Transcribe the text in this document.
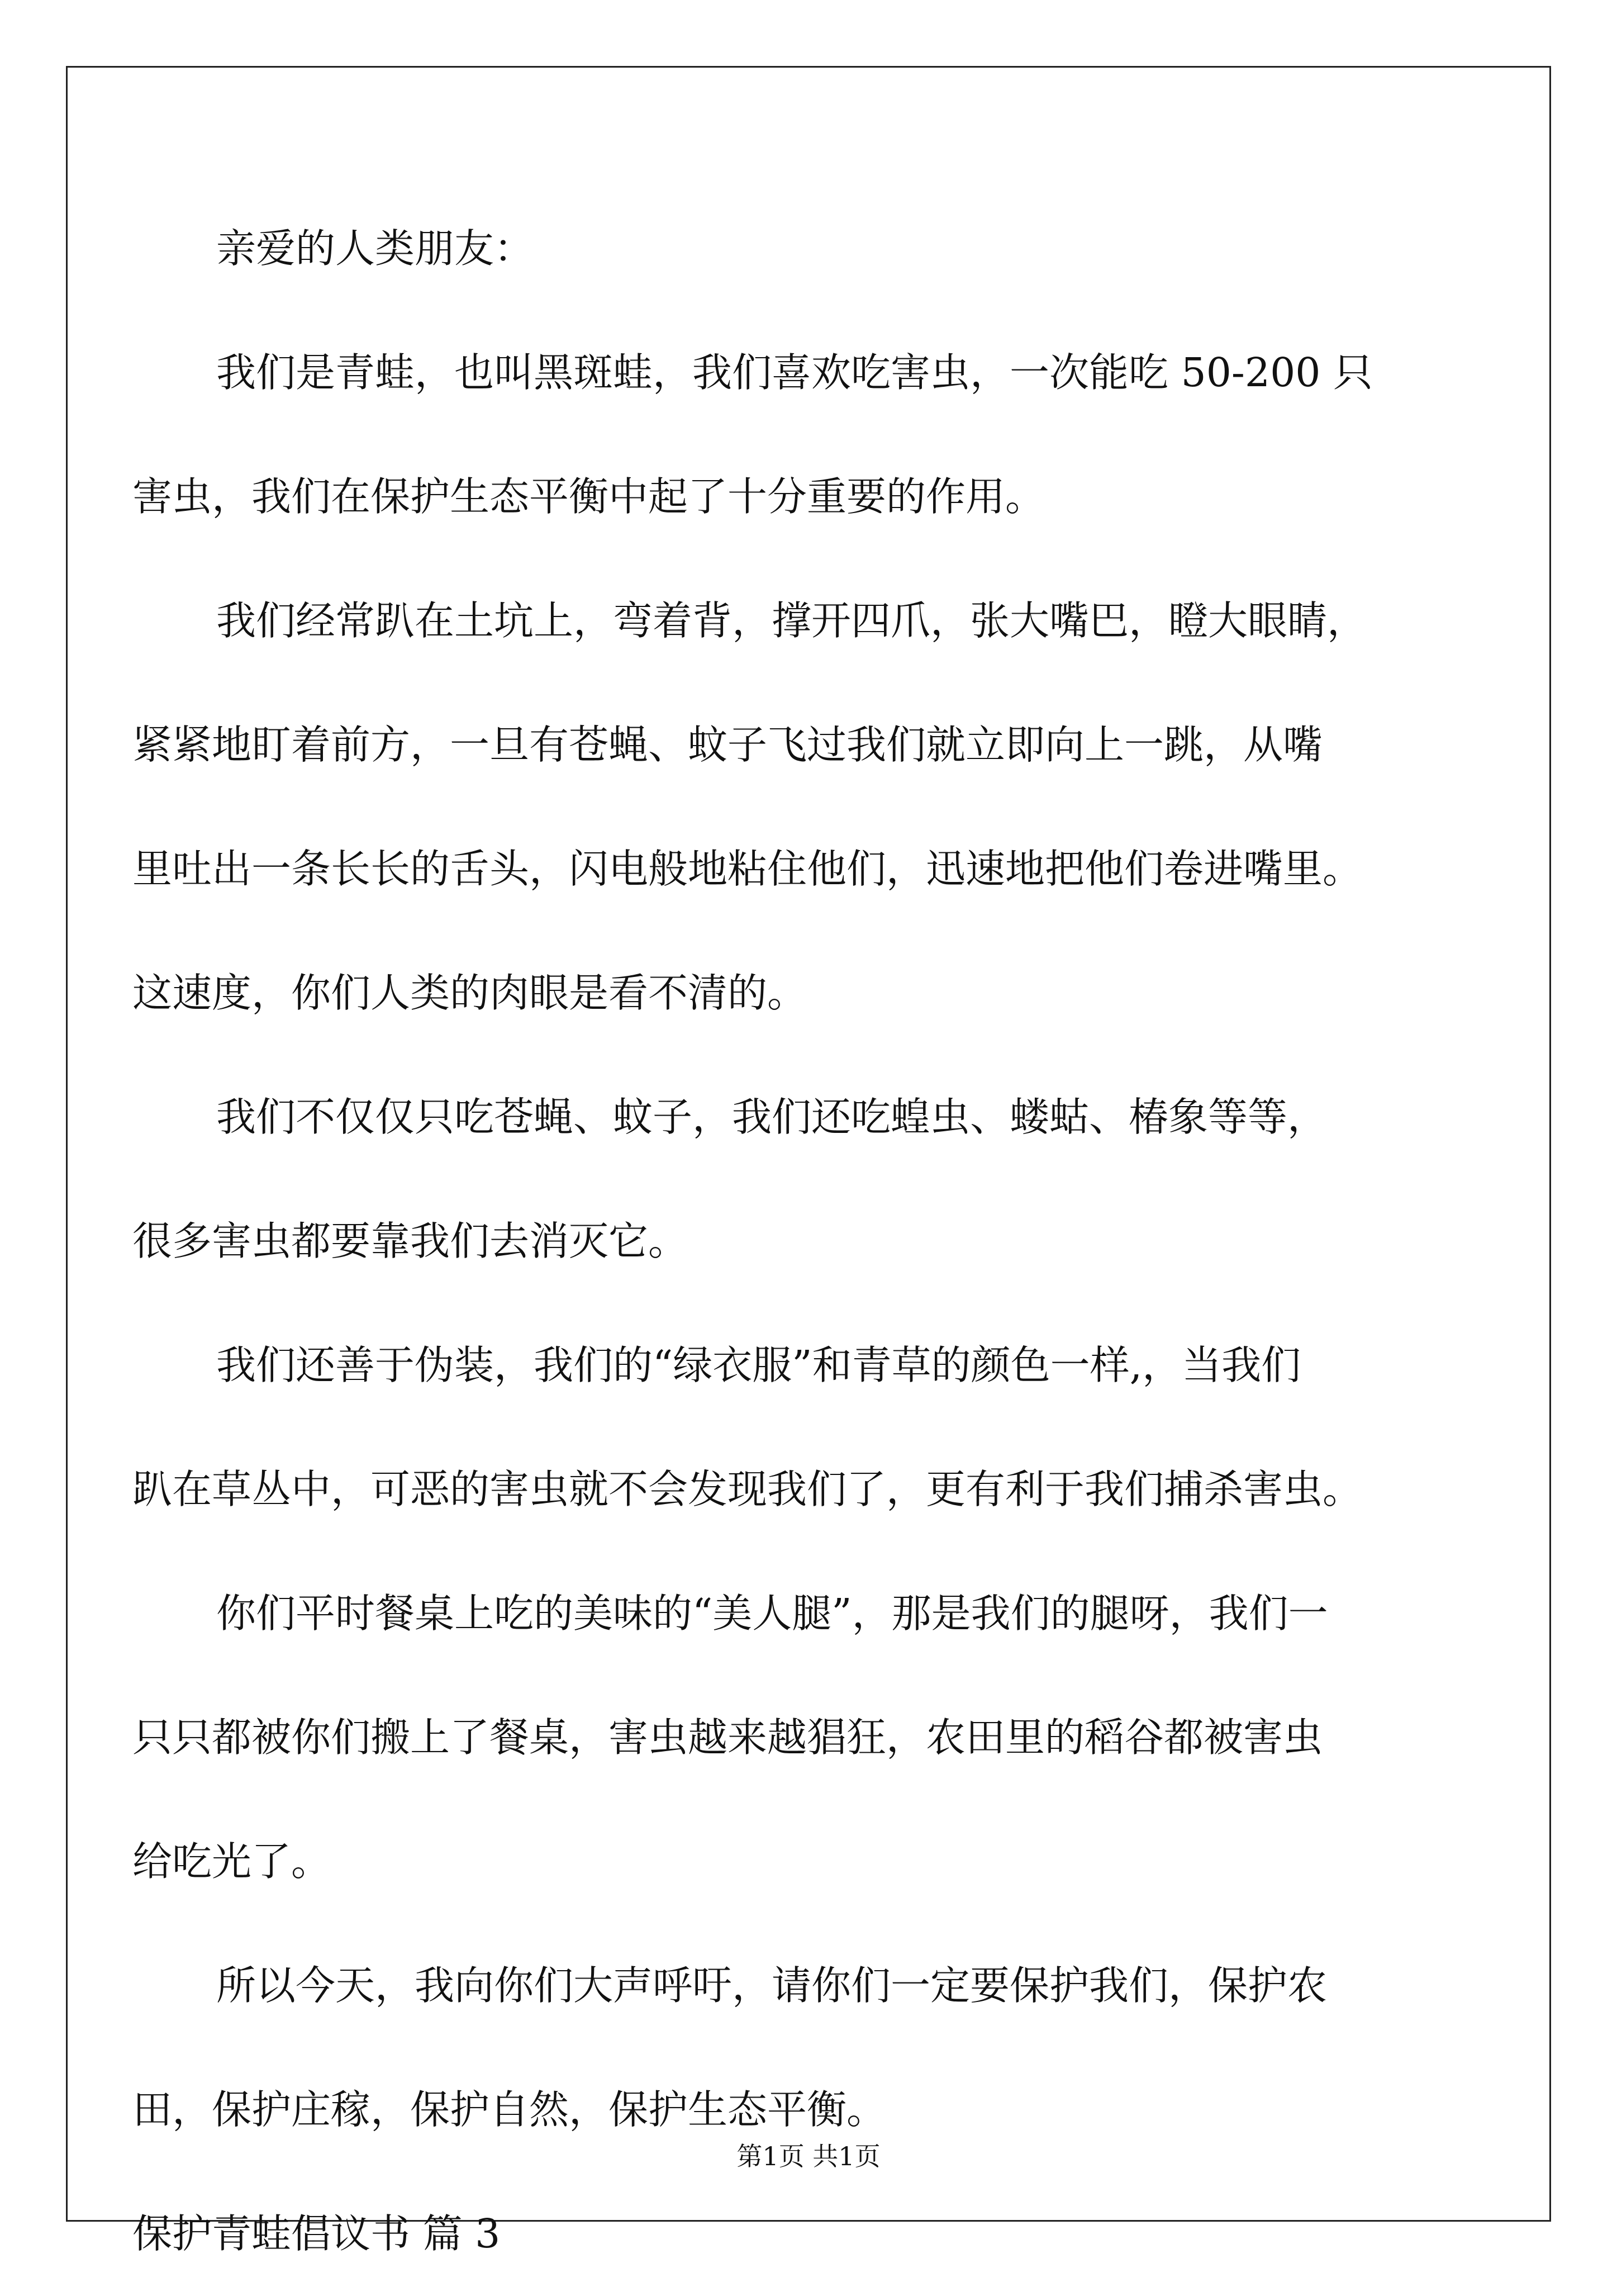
亲爱的人类朋友：

我们是青蛙，也叫黑斑蛙，我们喜欢吃害虫，一次能吃 50-200 只
害虫，我们在保护生态平衡中起了十分重要的作用。

我们经常趴在土坑上，弯着背，撑开四爪，张大嘴巴，瞪大眼睛，
紧紧地盯着前方，一旦有苍蝇、蚊子飞过我们就立即向上一跳，从嘴
里吐出一条长长的舌头，闪电般地粘住他们，迅速地把他们卷进嘴里。
这速度，你们人类的肉眼是看不清的。

我们不仅仅只吃苍蝇、蚊子，我们还吃蝗虫、蝼蛄、椿象等等，
很多害虫都要靠我们去消灭它。

我们还善于伪装，我们的“绿衣服”和青草的颜色一样,，当我们
趴在草丛中，可恶的害虫就不会发现我们了，更有利于我们捕杀害虫。

你们平时餐桌上吃的美味的“美人腿”，那是我们的腿呀，我们一
只只都被你们搬上了餐桌，害虫越来越猖狂，农田里的稻谷都被害虫
给吃光了。

所以今天，我向你们大声呼吁，请你们一定要保护我们，保护农
田，保护庄稼，保护自然，保护生态平衡。

保护青蛙倡议书 篇 3

第1页 共1页
